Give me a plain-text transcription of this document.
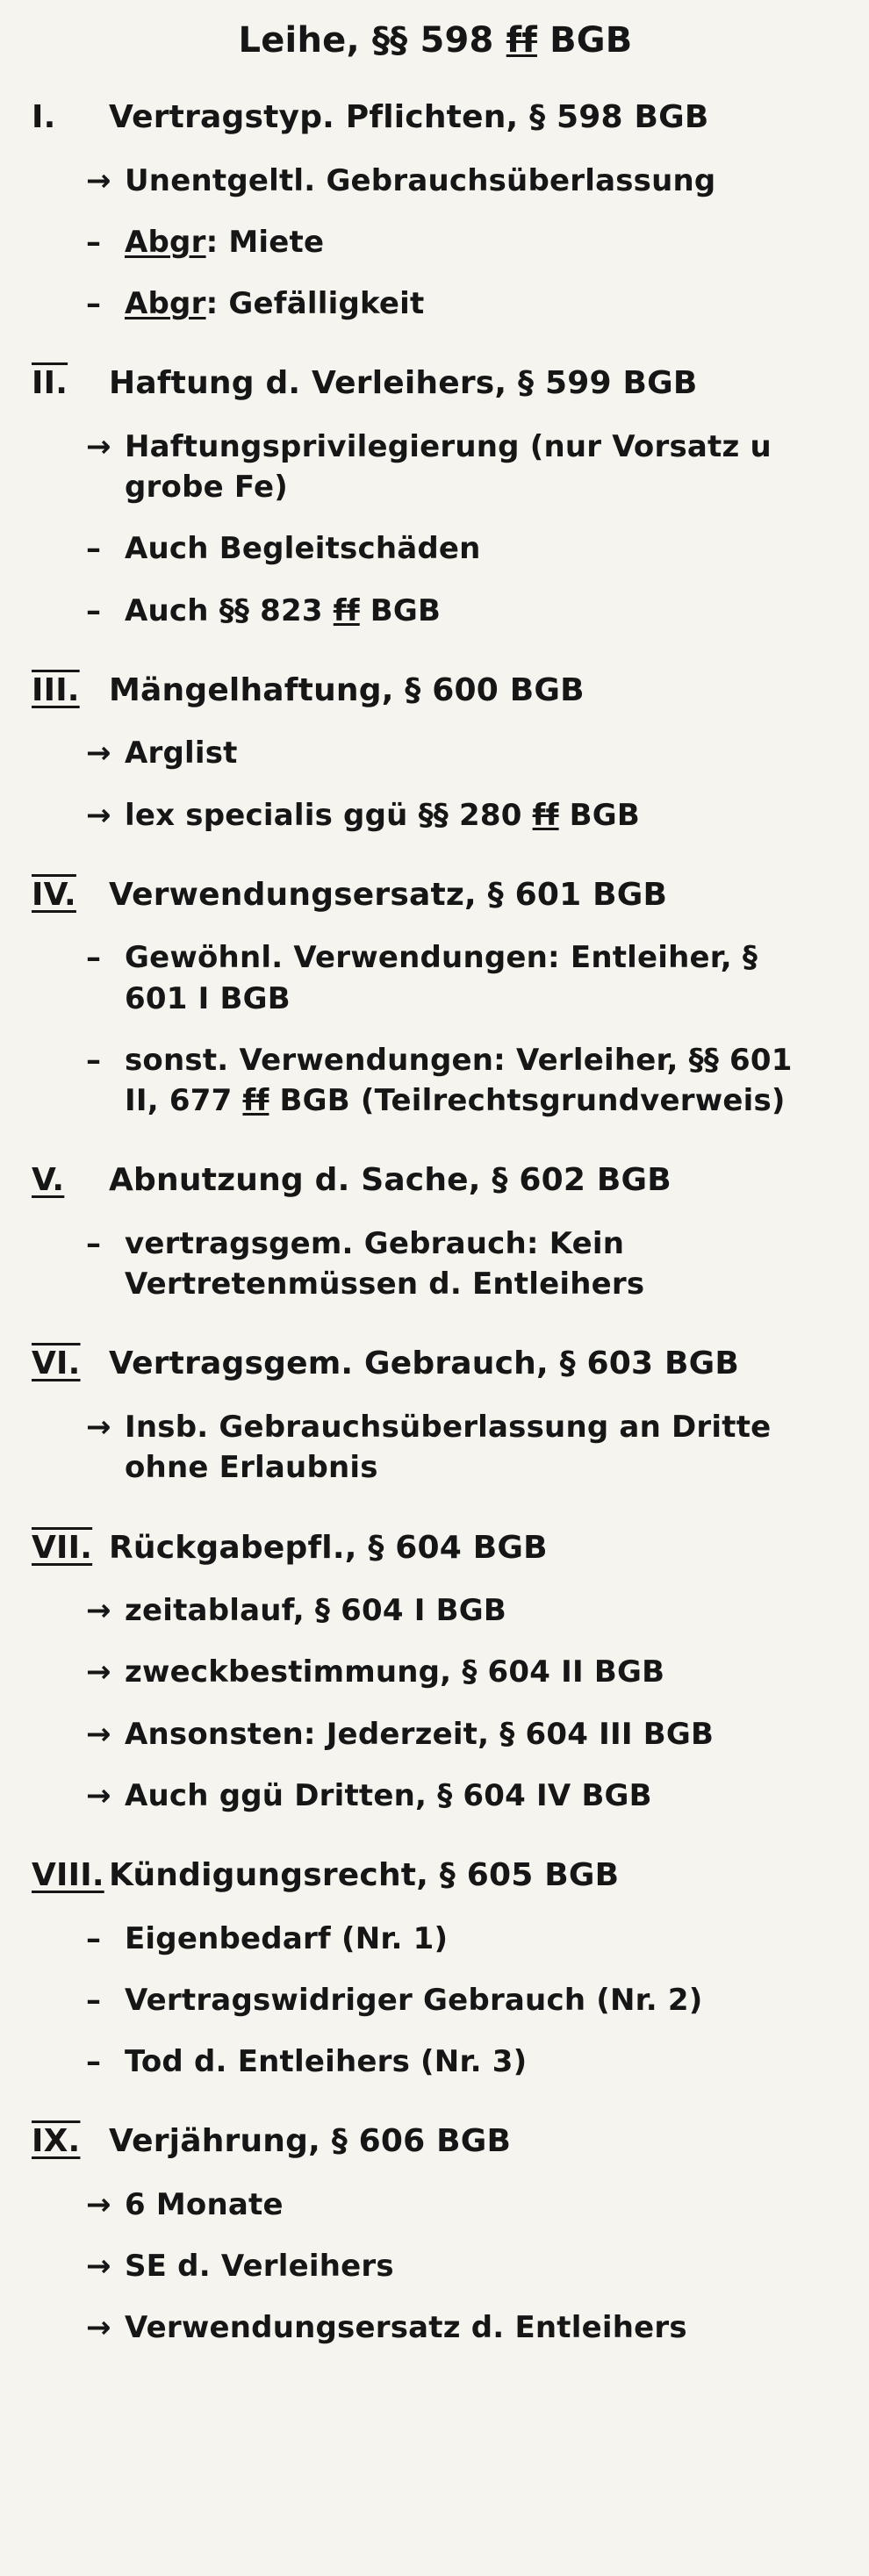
Leihe, §§ 598 ff BGB
I.	Vertragstyp. Pflichten, § 598 BGB
→ Unentgeltl. Gebrauchsüberlassung
– Abgr: Miete
– Abgr: Gefälligkeit
II.	Haftung d. Verleihers, § 599 BGB
→ Haftungsprivilegierung (nur Vorsatz u grobe Fe)
– Auch Begleitschäden
– Auch §§ 823 ff BGB
III. Mängelhaftung, § 600 BGB
→ Arglist
→ lex specialis ggü §§ 280 ff BGB
IV.	Verwendungsersatz, § 601 BGB
– Gewöhnl. Verwendungen: Entleiher, § 601 I BGB
– sonst. Verwendungen: Verleiher, §§ 601 II, 677 ff BGB (Teilrechtsgrundverweis)
V.	Abnutzung d. Sache, § 602 BGB
– vertragsgem. Gebrauch: Kein Vertretenmüssen d. Entleihers
VI. Vertragsgem. Gebrauch, § 603 BGB
→ Insb. Gebrauchsüberlassung an Dritte ohne Erlaubnis
VII. Rückgabepfl., § 604 BGB
→ zeitablauf, § 604 I BGB
→ zweckbestimmung, § 604 II BGB
→ Ansonsten: Jederzeit, § 604 III BGB
→ Auch ggü Dritten, § 604 IV BGB
VIII. Kündigungsrecht, § 605 BGB
– Eigenbedarf (Nr. 1)
– Vertragswidriger Gebrauch (Nr. 2)
– Tod d. Entleihers (Nr. 3)
IX. Verjährung, § 606 BGB
→ 6 Monate
→ SE d. Verleihers
→ Verwendungsersatz d. Entleihers
